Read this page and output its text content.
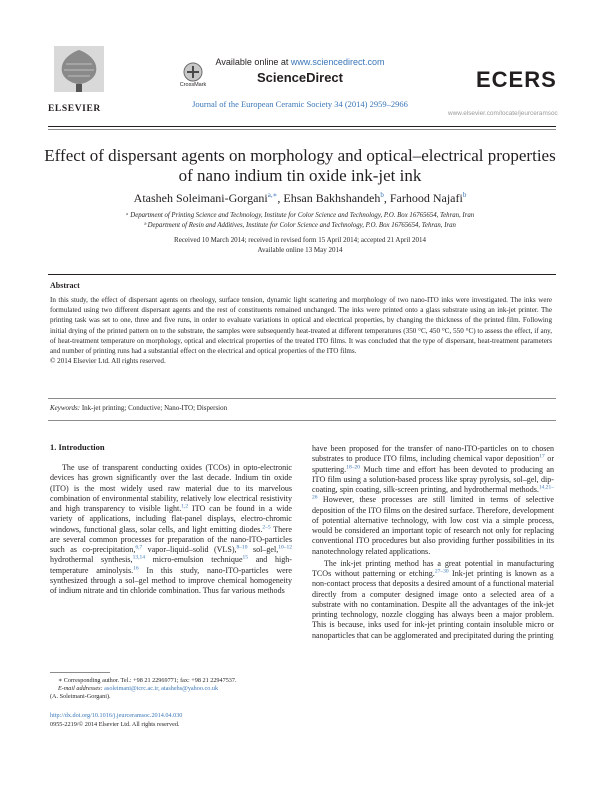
ELSEVIER
Available online at www.sciencedirect.com
CrossMark	ScienceDirect	ECERS
www.elsevier.com/locate/jeurceramsoc
Journal of the European Ceramic Society 34 (2014) 2959–2966
Effect of dispersant agents on morphology and optical–electrical properties
of nano indium tin oxide ink-jet ink
Atasheh Soleimani-Gorgani$^{a,∗}$, Ehsan Bakhshandeh$^b$, Farhood Najafi$^b$
ᵃ Department of Printing Science and Technology, Institute for Color Science and Technology, P.O. Box 16765654, Tehran, Iran
ᵇ Department of Resin and Additives, Institute for Color Science and Technology, P.O. Box 16765654, Tehran, Iran
Received 10 March 2014; received in revised form 15 April 2014; accepted 21 April 2014
Available online 13 May 2014
Abstract
In this study, the effect of dispersant agents on rheology, surface tension, dynamic light scattering and morphology of two nano-ITO inks were investigated. The inks were formulated using two different dispersant agents and the rest of constituents remained unchanged. The inks were printed onto a glass substrate using an ink-jet printer. The printing task was set to one, three and five runs, in order to evaluate variations in optical and electrical properties, by changing the thickness of the printed film. Following initial drying of the printed pattern on to the substrate, the samples were subsequently heat-treated at different temperatures (350 °C, 450 °C, 550 °C) to assess the effect, if any, of heat-treatment temperature on morphology, optical and electrical properties of the treated ITO films. It was concluded that the type of dispersant, heat-treatment parameters and number of printing runs had a substantial effect on the electrical and optical properties of the ITO films.
© 2014 Elsevier Ltd. All rights reserved.
Keywords: Ink-jet printing; Conductive; Nano-ITO; Dispersion
1. Introduction

The use of transparent conducting oxides (TCOs) in opto-electronic devices has grown significantly over the last decade. Indium tin oxide (ITO) is the most widely used raw material due to its marvelous combination of environmental stability, relatively low electrical resistivity and high transparency to visible light.$^{1,2}$ ITO can be found in a wide variety of applications, including flat-panel displays, electro-chromic windows, functional glass, solar cells, and light emitting diodes.$^{2-5}$ There are several common processes for preparation of the nano-ITO-particles such as co-precipitation,$^{6,7}$ vapor–liquid–solid (VLS),$^{8-10}$ sol–gel,$^{10-12}$ hydrothermal synthesis,$^{13,14}$ micro-emulsion technique$^{15}$ and high-temperature aminolysis.$^{16}$ In this study, nano-ITO-particles were synthesized through a sol–gel method to improve chemical homogeneity of indium nitrate and tin chloride combination. Thus far various methods

have been proposed for the transfer of nano-ITO-particles on to chosen substrates to produce ITO films, including chemical vapor deposition$^{17}$ or sputtering.$^{18-20}$ Much time and effort has been devoted to producing an ITO film using a solution-based process like spray pyrolysis, sol–gel, dip-coating, spin coating, silk-screen printing, and hydrothermal methods.$^{14,21-26}$ However, these processes are still limited in terms of selective deposition of the ITO films on the desired surface. Therefore, development of potential alternative technology, with low cost via a simple process, would be considered an important topic of research not only for replacing conventional ITO procedures but also providing further possibilities in its nanotechnology related applications.

The ink-jet printing method has a great potential in manufacturing TCOs without patterning or etching.$^{27-30}$ Ink-jet printing is known as a non-contact process that deposits a desired amount of a functional material directly from a computer designed image onto a selected area of a substrate with no contamination. Despite all the advantages of the ink-jet printing technology, nozzle clogging has always been a major problem. This is because, inks used for ink-jet printing contain insoluble micro or nanoparticles that can be agglomerated and precipitated during the printing

∗ Corresponding author. Tel.: +98 21 22969771; fax: +98 21 22947537.
E-mail addresses: asoleimani@icrc.ac.ir, atashehs@yahoo.co.uk
(A. Soleimani-Gorgani).
http://dx.doi.org/10.1016/j.jeurceramsoc.2014.04.030
0955-2219/© 2014 Elsevier Ltd. All rights reserved.
